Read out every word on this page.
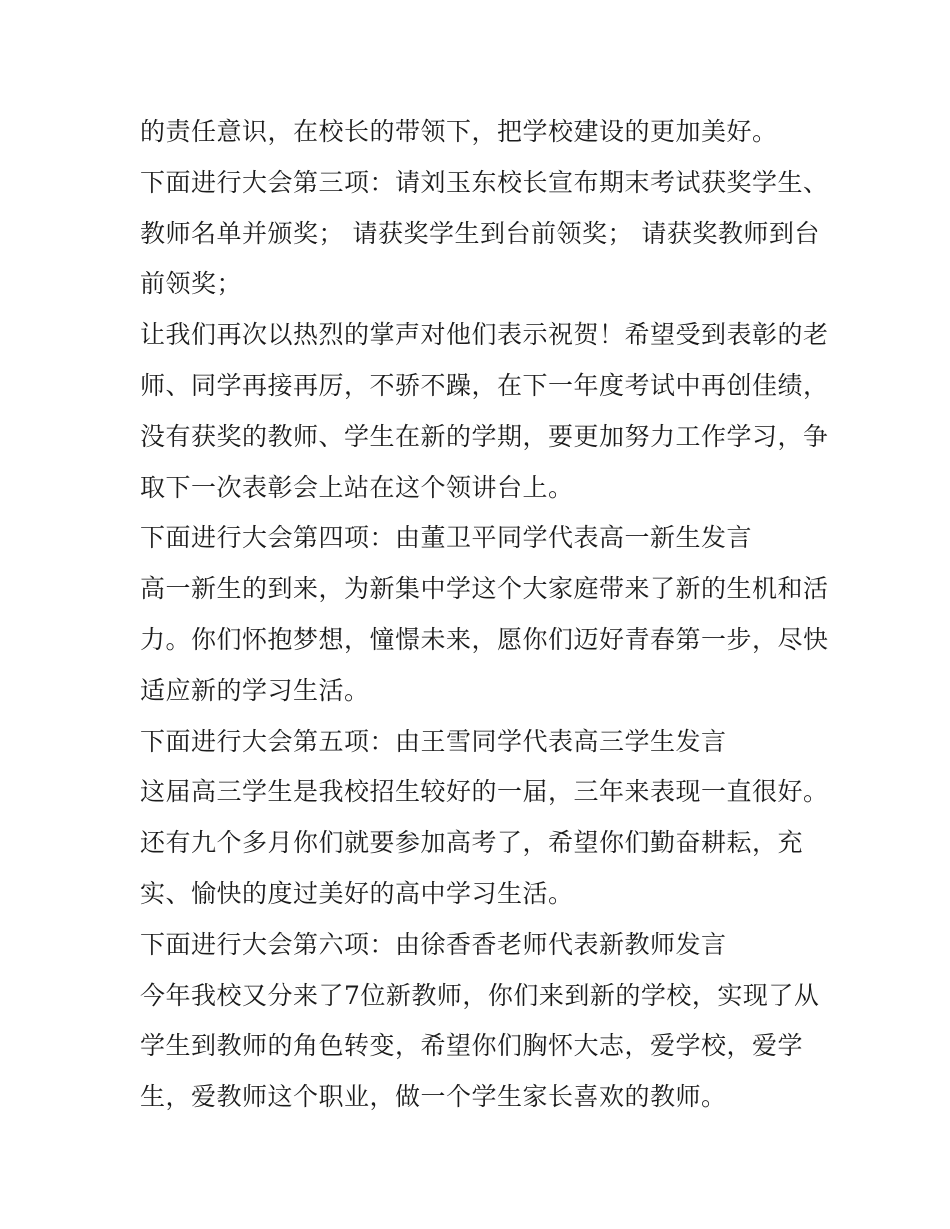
的责任意识，在校长的带领下，把学校建设的更加美好。
下面进行大会第三项：请刘玉东校长宣布期末考试获奖学生、
教师名单并颁奖； 请获奖学生到台前领奖； 请获奖教师到台
前领奖；
让我们再次以热烈的掌声对他们表示祝贺！希望受到表彰的老
师、同学再接再厉，不骄不躁，在下一年度考试中再创佳绩，
没有获奖的教师、学生在新的学期，要更加努力工作学习，争
取下一次表彰会上站在这个领讲台上。
下面进行大会第四项：由董卫平同学代表高一新生发言
高一新生的到来，为新集中学这个大家庭带来了新的生机和活
力。你们怀抱梦想，憧憬未来，愿你们迈好青春第一步，尽快
适应新的学习生活。
下面进行大会第五项：由王雪同学代表高三学生发言
这届高三学生是我校招生较好的一届，三年来表现一直很好。
还有九个多月你们就要参加高考了，希望你们勤奋耕耘，充
实、愉快的度过美好的高中学习生活。
下面进行大会第六项：由徐香香老师代表新教师发言
今年我校又分来了7位新教师，你们来到新的学校，实现了从
学生到教师的角色转变，希望你们胸怀大志，爱学校，爱学
生，爱教师这个职业，做一个学生家长喜欢的教师。
